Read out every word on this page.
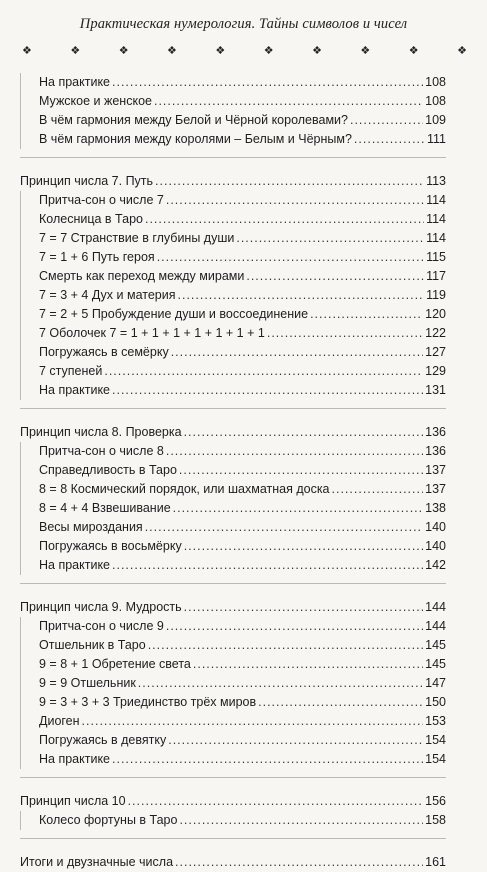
Практическая нумерология. Тайны символов и чисел
❖	❖	❖	❖	❖	❖	❖	❖	❖	❖
На практике .....	108
Мужское и женское .....	108
В чём гармония между Белой и Чёрной королевами? .....	109
В чём гармония между королями – Белым и Чёрным? .....	111
Принцип числа 7. Путь .....	113
Притча-сон о числе 7 .....	114
Колесница в Таро .....	114
7 = 7 Странствие в глубины души .....	114
7 = 1 + 6 Путь героя .....	115
Смерть как переход между мирами .....	117
7 = 3 + 4 Дух и материя .....	119
7 = 2 + 5 Пробуждение души и воссоединение .....	120
7 Оболочек 7 = 1 + 1 + 1 + 1 + 1 + 1 + 1 .....	122
Погружаясь в семёрку .....	127
7 ступеней .....	129
На практике .....	131
Принцип числа 8. Проверка .....	136
Притча-сон о числе 8 .....	136
Справедливость в Таро .....	137
8 = 8 Космический порядок, или шахматная доска .....	137
8 = 4 + 4 Взвешивание .....	138
Весы мироздания .....	140
Погружаясь в восьмёрку .....	140
На практике .....	142
Принцип числа 9. Мудрость .....	144
Притча-сон о числе 9 .....	144
Отшельник в Таро .....	145
9 = 8 + 1 Обретение света .....	145
9 = 9 Отшельник .....	147
9 = 3 + 3 + 3 Триединство трёх миров .....	150
Диоген .....	153
Погружаясь в девятку .....	154
На практике .....	154
Принцип числа 10 .....	156
Колесо фортуны в Таро .....	158
Итоги и двузначные числа .....	161
